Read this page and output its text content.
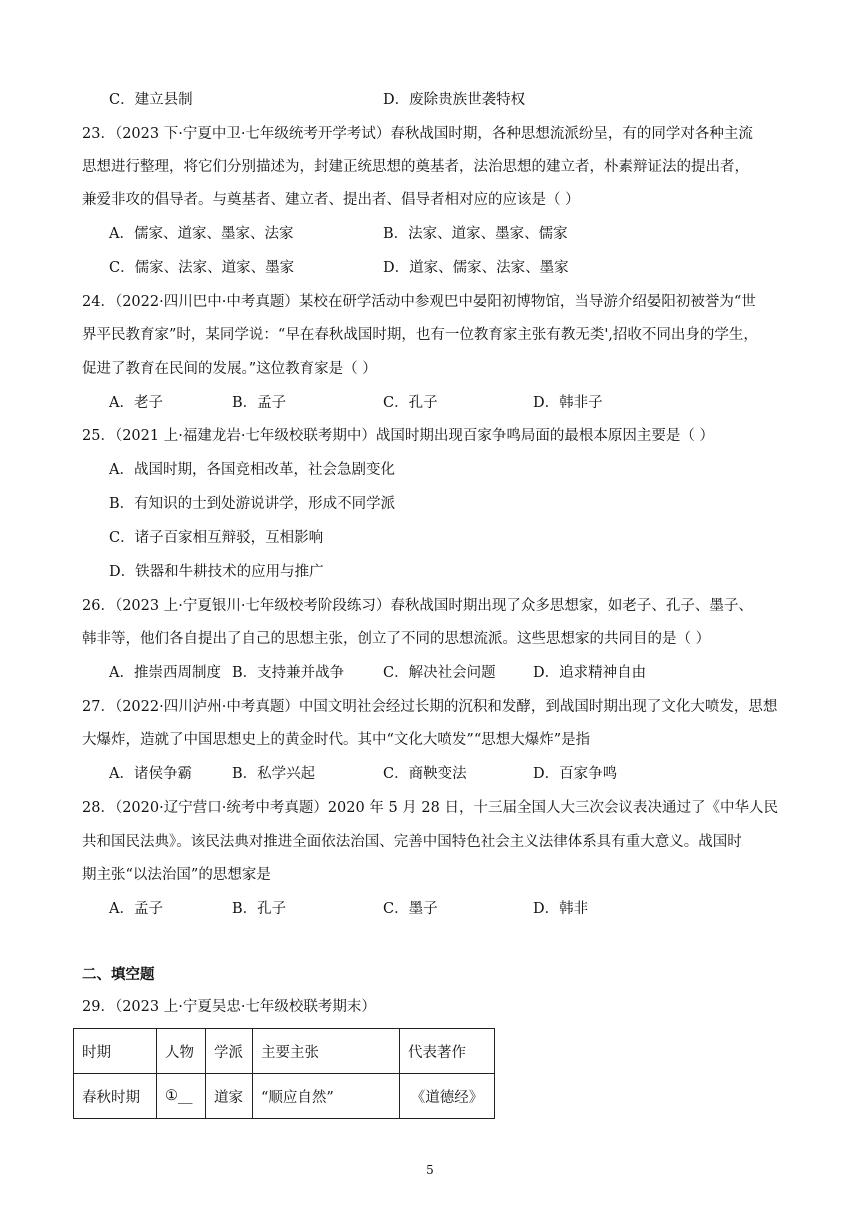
C．建立县制	D．废除贵族世袭特权
23．（2023 下·宁夏中卫·七年级统考开学考试）春秋战国时期，各种思想流派纷呈，有的同学对各种主流
思想进行整理，将它们分别描述为，封建正统思想的奠基者，法治思想的建立者，朴素辩证法的提出者，
兼爱非攻的倡导者。与奠基者、建立者、提出者、倡导者相对应的应该是（ ）
A．儒家、道家、墨家、法家	B．法家、道家、墨家、儒家
C．儒家、法家、道家、墨家	D．道家、儒家、法家、墨家
24．（2022·四川巴中·中考真题）某校在研学活动中参观巴中晏阳初博物馆，当导游介绍晏阳初被誉为“世
界平民教育家”时，某同学说：“早在春秋战国时期，也有一位教育家主张有教无类',招收不同出身的学生，
促进了教育在民间的发展。”这位教育家是（ ）
A．老子	B．孟子	C．孔子	D．韩非子
25．（2021 上·福建龙岩·七年级校联考期中）战国时期出现百家争鸣局面的最根本原因主要是（ ）
A．战国时期，各国竞相改革，社会急剧变化
B．有知识的士到处游说讲学，形成不同学派
C．诸子百家相互辩驳，互相影响
D．铁器和牛耕技术的应用与推广
26．（2023 上·宁夏银川·七年级校考阶段练习）春秋战国时期出现了众多思想家，如老子、孔子、墨子、
韩非等，他们各自提出了自己的思想主张，创立了不同的思想流派。这些思想家的共同目的是（ ）
A．推崇西周制度 B．支持兼并战争	C．解决社会问题	D．追求精神自由
27．（2022·四川泸州·中考真题）中国文明社会经过长期的沉积和发酵，到战国时期出现了文化大喷发，思想
大爆炸，造就了中国思想史上的黄金时代。其中“文化大喷发”“思想大爆炸”是指
A．诸侯争霸	B．私学兴起	C．商鞅变法	D．百家争鸣
28．（2020·辽宁营口·统考中考真题）2020 年 5 月 28 日，十三届全国人大三次会议表决通过了《中华人民
共和国民法典》。该民法典对推进全面依法治国、完善中国特色社会主义法律体系具有重大意义。战国时
期主张“以法治国”的思想家是
A．孟子	B．孔子	C．墨子	D．韩非
二、填空题
29．（2023 上·宁夏吴忠·七年级校联考期末）
时期	人物	学派	主要主张	代表著作
春秋时期	①__	道家	“顺应自然”	《道德经》
5
